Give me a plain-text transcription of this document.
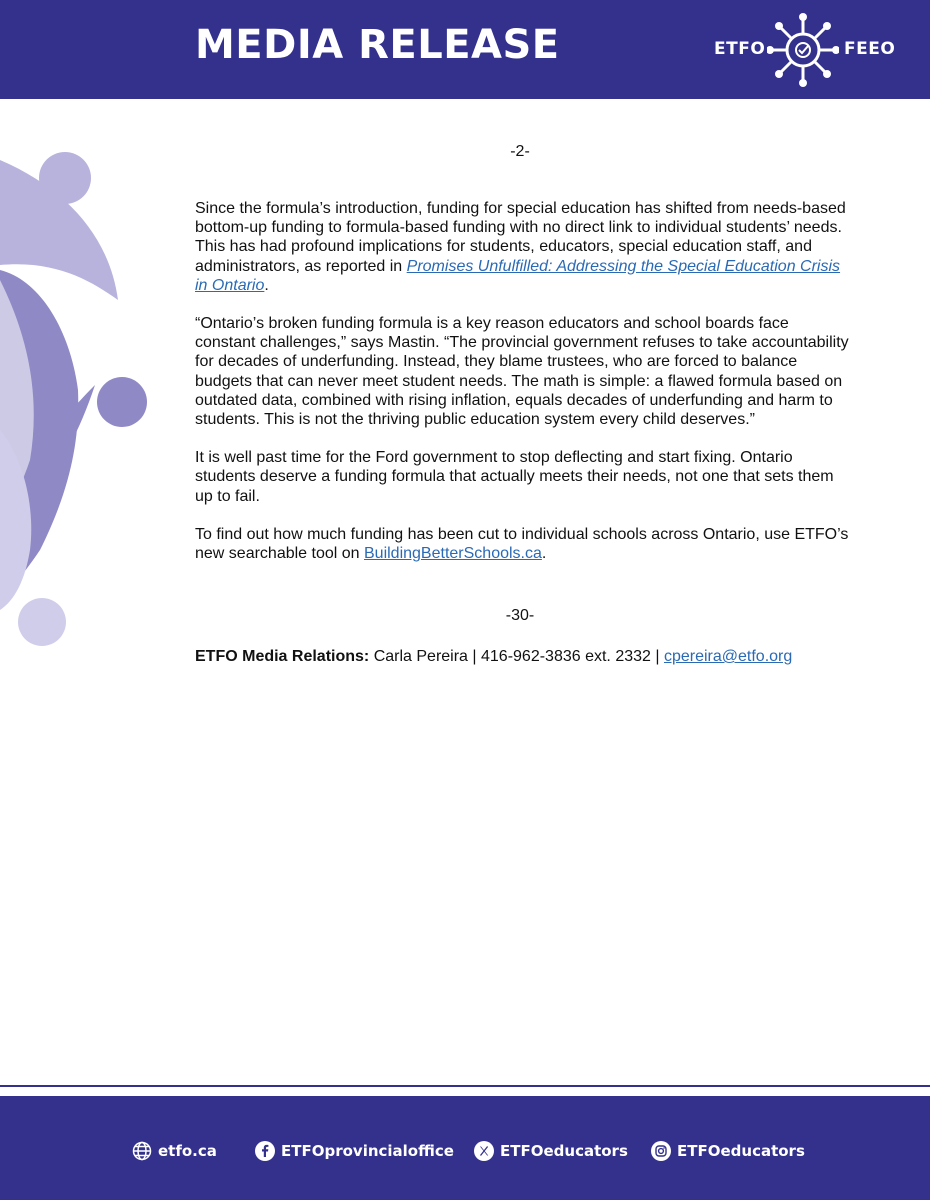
MEDIA RELEASE	ETFO	FEEO
-2-

Since the formula’s introduction, funding for special education has shifted from needs-based bottom-up funding to formula-based funding with no direct link to individual students’ needs. This has had profound implications for students, educators, special education staff, and administrators, as reported in Promises Unfulfilled: Addressing the Special Education Crisis in Ontario.

“Ontario’s broken funding formula is a key reason educators and school boards face constant challenges,” says Mastin. “The provincial government refuses to take accountability for decades of underfunding. Instead, they blame trustees, who are forced to balance budgets that can never meet student needs. The math is simple: a flawed formula based on outdated data, combined with rising inflation, equals decades of underfunding and harm to students. This is not the thriving public education system every child deserves.”

It is well past time for the Ford government to stop deflecting and start fixing. Ontario students deserve a funding formula that actually meets their needs, not one that sets them up to fail.

To find out how much funding has been cut to individual schools across Ontario, use ETFO’s new searchable tool on BuildingBetterSchools.ca.

-30-
ETFO Media Relations: Carla Pereira | 416-962-3836 ext. 2332 | cpereira@etfo.org
etfo.ca	ETFOprovincialoffice	ETFOeducators	ETFOeducators
